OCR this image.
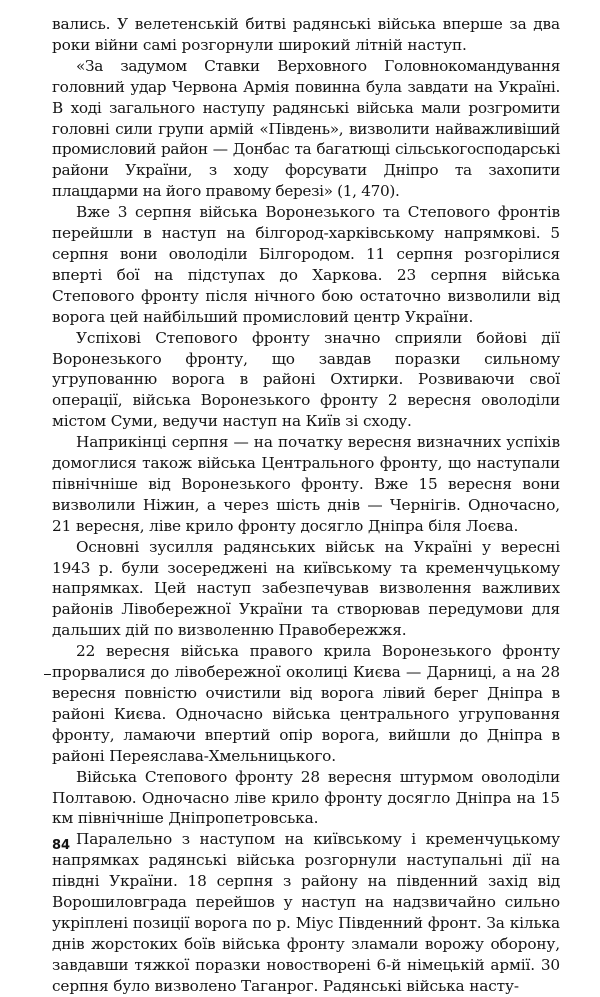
вались. У велетенській битві радянські війська вперше за два роки війни самі розгорнули широкий літній наступ.

«За задумом Ставки Верховного Головнокомандування головний удар Червона Армія повинна була завдати на Україні. В ході загального наступу радянські війська мали розгромити головні сили групи армій «Південь», визволити найважливіший промисловий район — Донбас та багатющі сільськогосподарські райони України, з ходу форсувати Дніпро та захопити плацдарми на його правому березі» (1, 470).

Вже 3 серпня війська Воронезького та Степового фронтів перейшли в наступ на білгород-харківському напрямкові. 5 серпня вони оволоділи Білгородом. 11 серпня розгорілися вперті бої на підступах до Харкова. 23 серпня війська Степового фронту після нічного бою остаточно визволили від ворога цей найбільший промисловий центр України.

Успіхові Степового фронту значно сприяли бойові дії Воронезького фронту, що завдав поразки сильному угрупованню ворога в районі Охтирки. Розвиваючи свої операції, війська Воронезького фронту 2 вересня оволоділи містом Суми, ведучи наступ на Київ зі сходу.

Наприкінці серпня — на початку вересня визначних успіхів домоглися також війська Центрального фронту, що наступали північніше від Воронезького фронту. Вже 15 вересня вони визволили Ніжин, а через шість днів — Чернігів. Одночасно, 21 вересня, ліве крило фронту досягло Дніпра біля Лоєва.

Основні зусилля радянських військ на Україні у вересні 1943 р. були зосереджені на київському та кременчуцькому напрямках. Цей наступ забезпечував визволення важливих районів Лівобережної України та створював передумови для дальших дій по визволенню Правобережжя.

22 вересня війська правого крила Воронезького фронту прорвалися до лівобережної околиці Києва — Дарниці, а на 28 вересня повністю очистили від ворога лівий берег Дніпра в районі Києва. Одночасно війська центрального угруповання фронту, ламаючи впертий опір ворога, вийшли до Дніпра в районі Переяслава-Хмельницького.

Війська Степового фронту 28 вересня штурмом оволоділи Полтавою. Одночасно ліве крило фронту досягло Дніпра на 15 км північніше Дніпропетровська.

Паралельно з наступом на київському і кременчуцькому напрямках радянські війська розгорнули наступальні дії на півдні України. 18 серпня з району на південний захід від Ворошиловграда перейшов у наступ на надзвичайно сильно укріплені позиції ворога по р. Міус Південний фронт. За кілька днів жорстоких боїв війська фронту зламали ворожу оборону, завдавши тяжкої поразки новостворені 6-й німецькій армії. 30 серпня було визволено Таганрог. Радянські війська насту-

84
